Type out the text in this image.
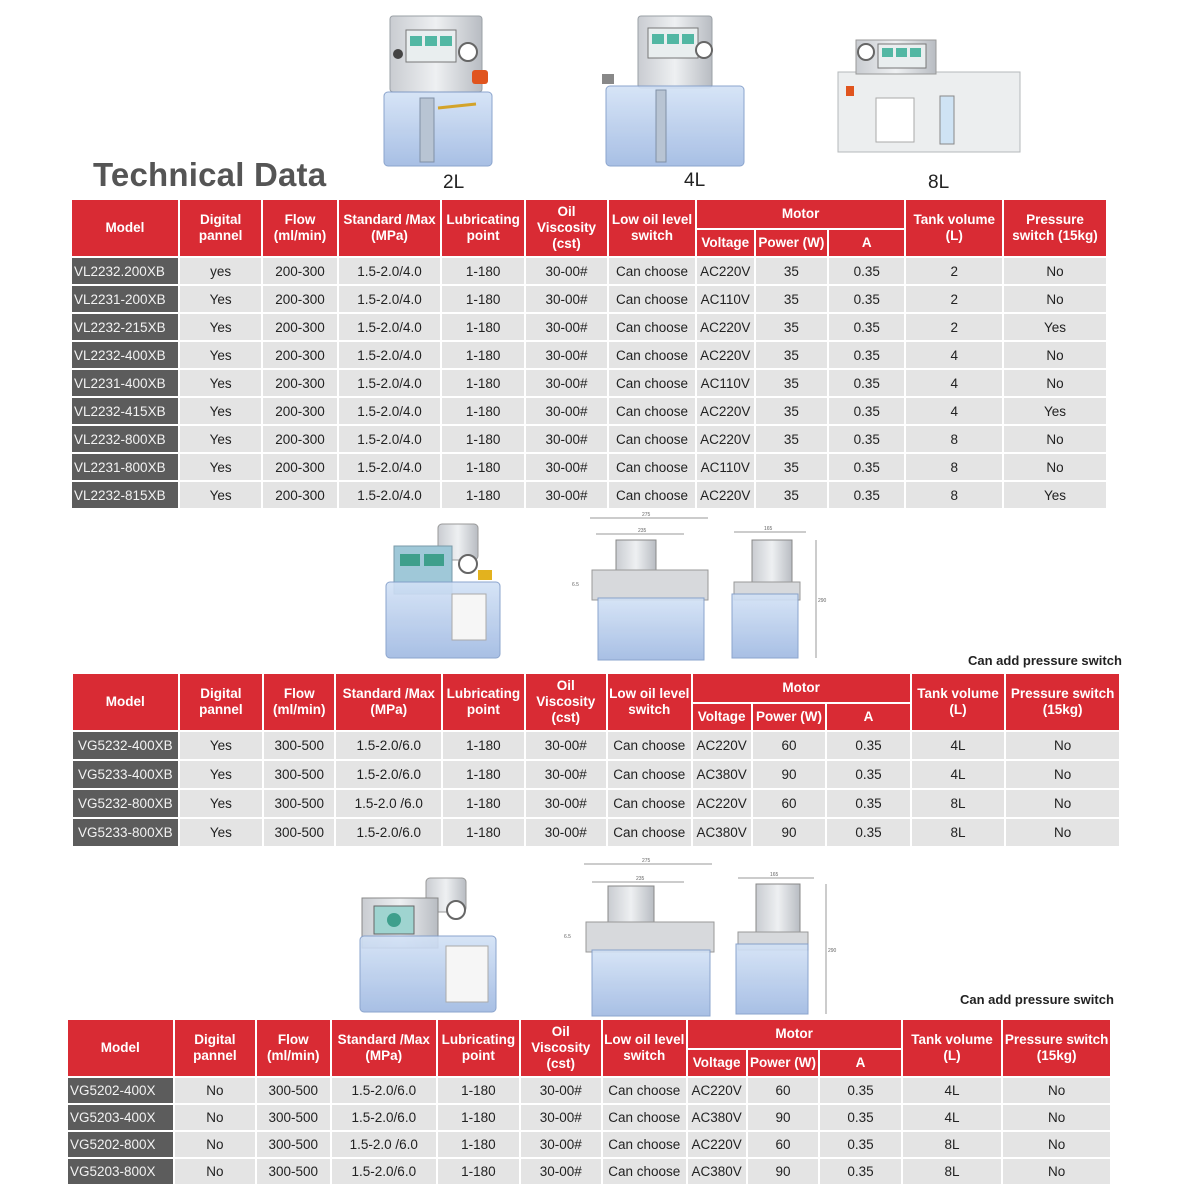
Technical Data	2L	4L	8L
Model	Digital pannel	Flow (ml/min)	Standard /Max (MPa)	Lubricating point	Oil Viscosity (cst)	Low oil level switch	Motor			Tank volume (L)	Pressure switch (15kg)
							Voltage	Power (W)	A		
VL2232.200XB	yes	200-300	1.5-2.0/4.0	1-180	30-00#	Can choose	AC220V	35	0.35	2	No
VL2231-200XB	Yes	200-300	1.5-2.0/4.0	1-180	30-00#	Can choose	AC110V	35	0.35	2	No
VL2232-215XB	Yes	200-300	1.5-2.0/4.0	1-180	30-00#	Can choose	AC220V	35	0.35	2	Yes
VL2232-400XB	Yes	200-300	1.5-2.0/4.0	1-180	30-00#	Can choose	AC220V	35	0.35	4	No
VL2231-400XB	Yes	200-300	1.5-2.0/4.0	1-180	30-00#	Can choose	AC110V	35	0.35	4	No
VL2232-415XB	Yes	200-300	1.5-2.0/4.0	1-180	30-00#	Can choose	AC220V	35	0.35	4	Yes
VL2232-800XB	Yes	200-300	1.5-2.0/4.0	1-180	30-00#	Can choose	AC220V	35	0.35	8	No
VL2231-800XB	Yes	200-300	1.5-2.0/4.0	1-180	30-00#	Can choose	AC110V	35	0.35	8	No
VL2232-815XB	Yes	200-300	1.5-2.0/4.0	1-180	30-00#	Can choose	AC220V	35	0.35	8	Yes
275
235
6.5
165
290
Can add pressure switch
Model	Digital pannel	Flow (ml/min)	Standard /Max (MPa)	Lubricating point	Oil Viscosity (cst)	Low oil level switch	Motor			Tank volume (L)	Pressure switch (15kg)
							Voltage	Power (W)	A		
VG5232-400XB	Yes	300-500	1.5-2.0/6.0	1-180	30-00#	Can choose	AC220V	60	0.35	4L	No
VG5233-400XB	Yes	300-500	1.5-2.0/6.0	1-180	30-00#	Can choose	AC380V	90	0.35	4L	No
VG5232-800XB	Yes	300-500	1.5-2.0 /6.0	1-180	30-00#	Can choose	AC220V	60	0.35	8L	No
VG5233-800XB	Yes	300-500	1.5-2.0/6.0	1-180	30-00#	Can choose	AC380V	90	0.35	8L	No
275
235
6.5
165
290
Can add pressure switch
Model	Digital pannel	Flow (ml/min)	Standard /Max (MPa)	Lubricating point	Oil Viscosity (cst)	Low oil level switch	Motor			Tank volume (L)	Pressure switch (15kg)
							Voltage	Power (W)	A		
VG5202-400X	No	300-500	1.5-2.0/6.0	1-180	30-00#	Can choose	AC220V	60	0.35	4L	No
VG5203-400X	No	300-500	1.5-2.0/6.0	1-180	30-00#	Can choose	AC380V	90	0.35	4L	No
VG5202-800X	No	300-500	1.5-2.0 /6.0	1-180	30-00#	Can choose	AC220V	60	0.35	8L	No
VG5203-800X	No	300-500	1.5-2.0/6.0	1-180	30-00#	Can choose	AC380V	90	0.35	8L	No
